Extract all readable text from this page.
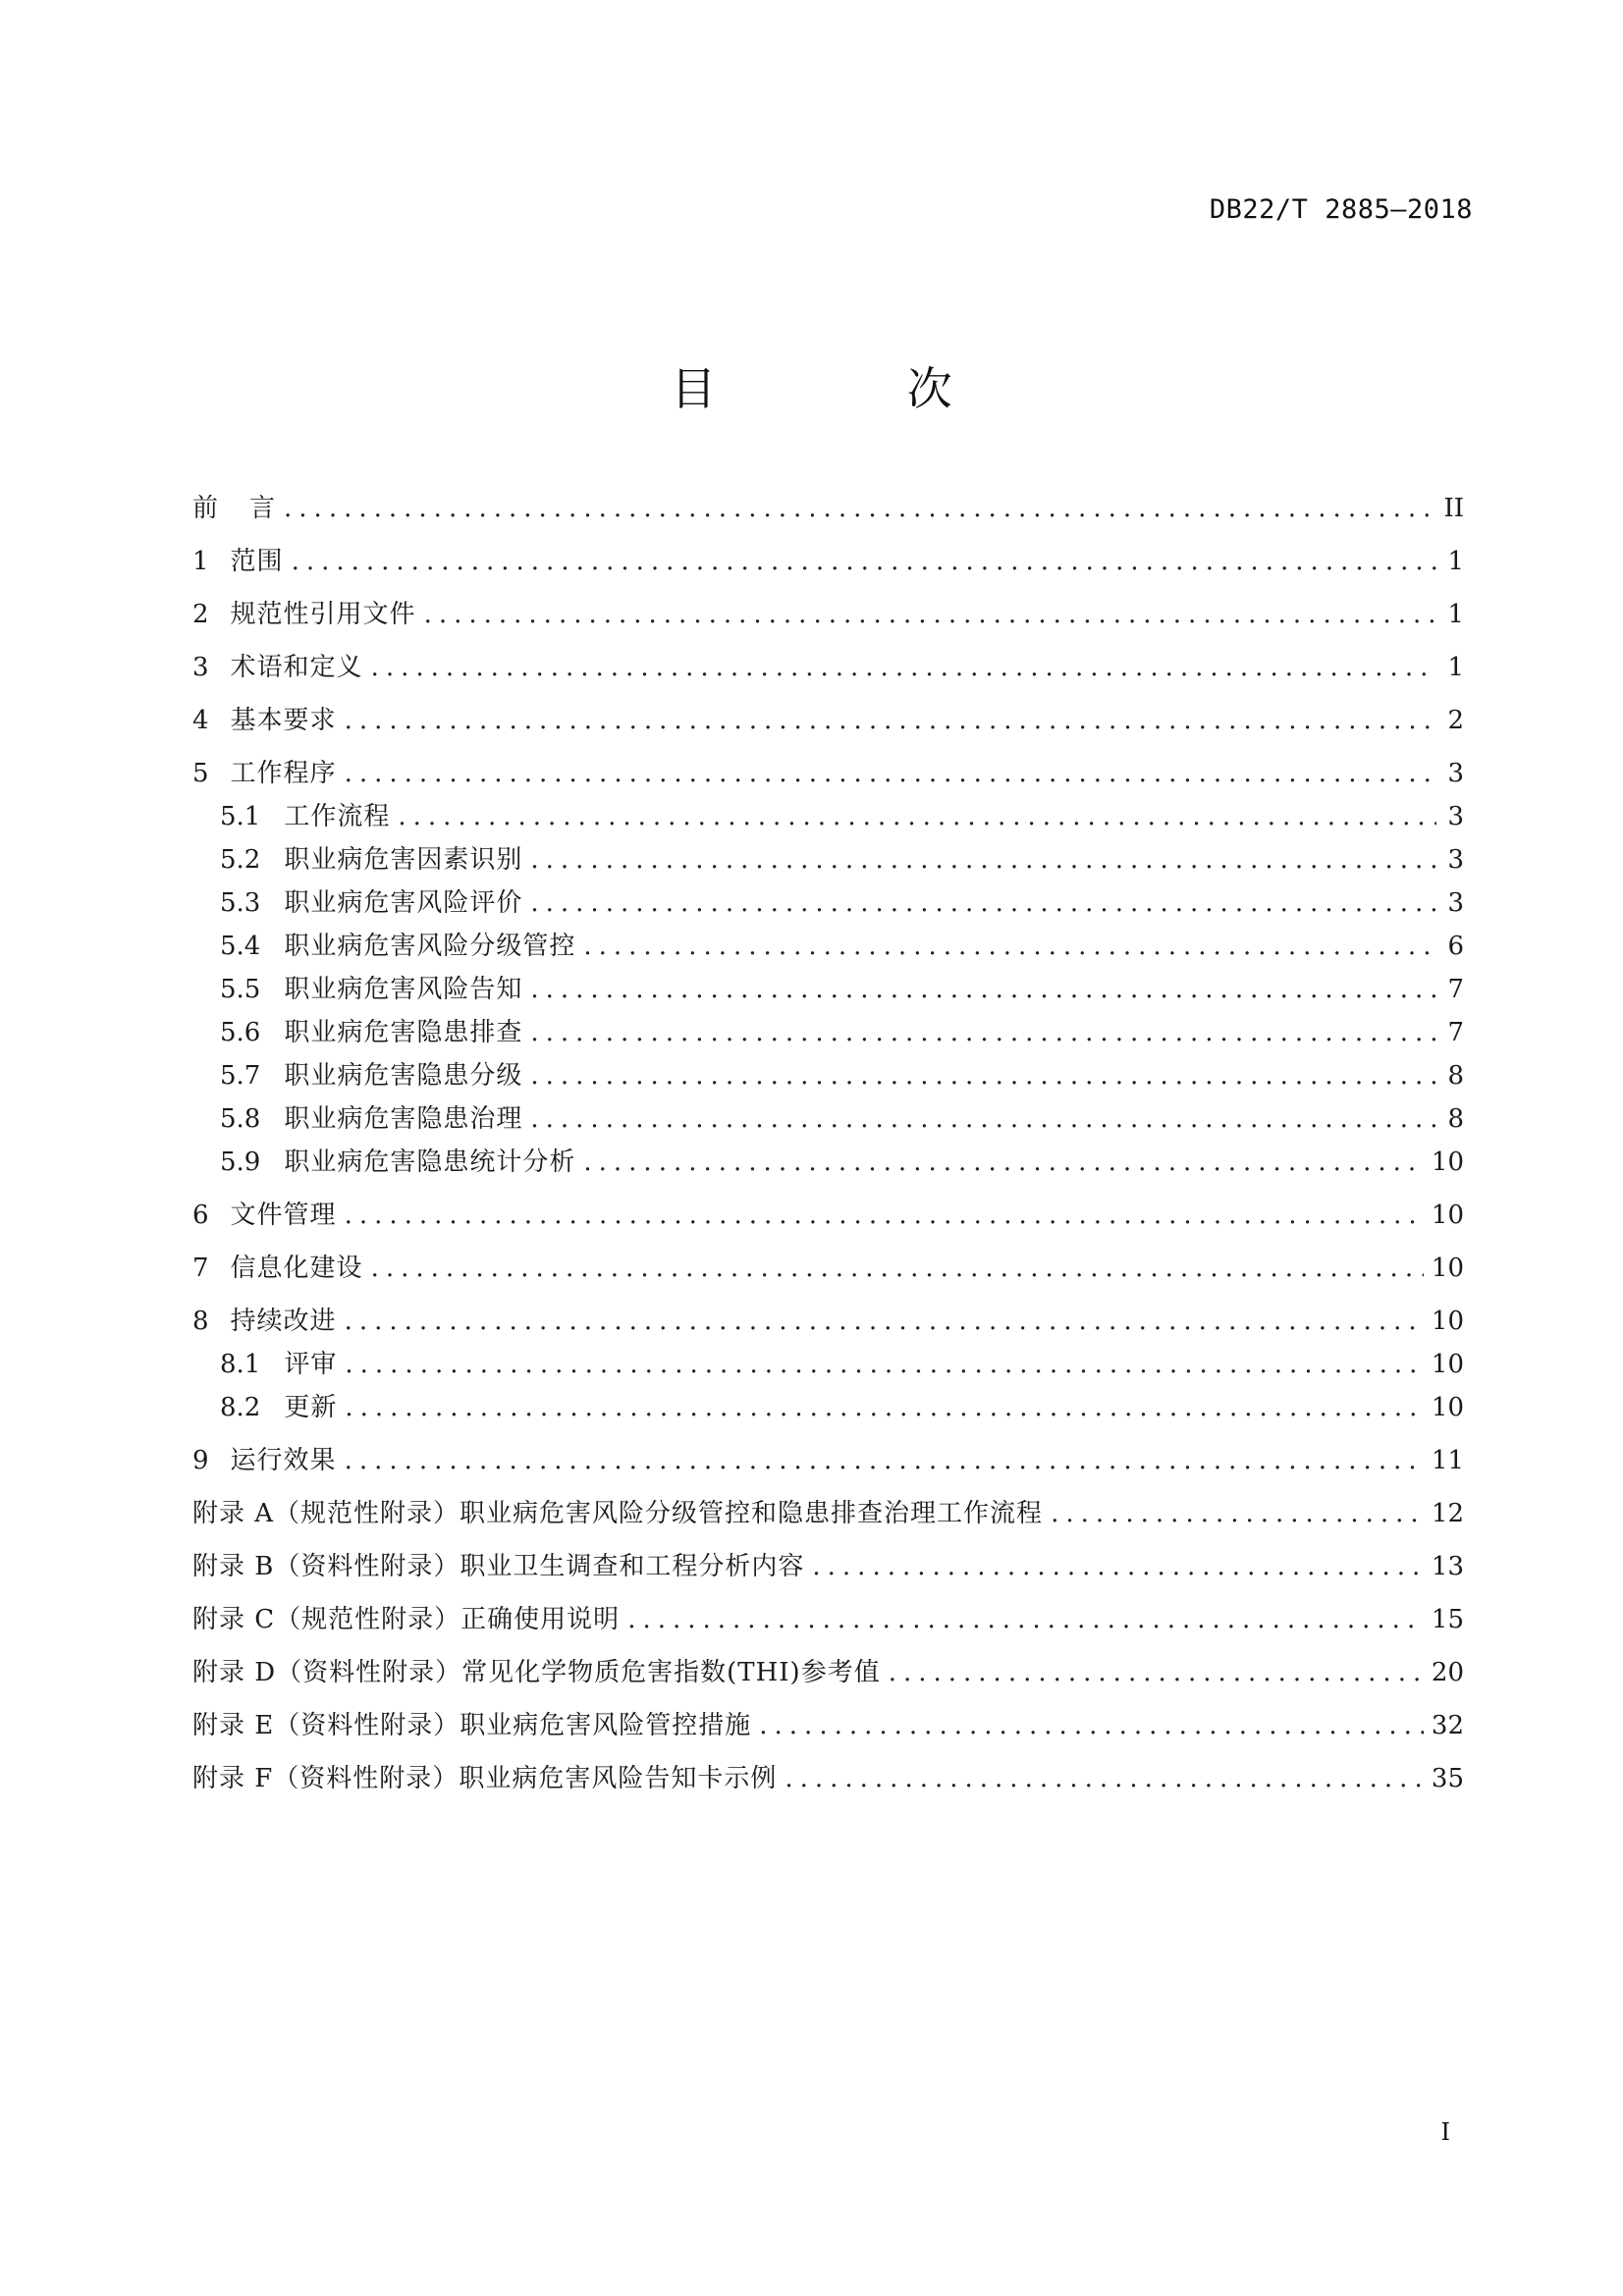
DB22/T 2885—2018
目 次
前 言 .....	II
1 范围 .....	1
2 规范性引用文件 .....	1
3 术语和定义 .....	1
4 基本要求 .....	2
5 工作程序 .....	3
5.1 工作流程 .....	3
5.2 职业病危害因素识别 .....	3
5.3 职业病危害风险评价 .....	3
5.4 职业病危害风险分级管控 .....	6
5.5 职业病危害风险告知 .....	7
5.6 职业病危害隐患排查 .....	7
5.7 职业病危害隐患分级 .....	8
5.8 职业病危害隐患治理 .....	8
5.9 职业病危害隐患统计分析 .....	10
6 文件管理 .....	10
7 信息化建设 .....	10
8 持续改进 .....	10
8.1 评审 .....	10
8.2 更新 .....	10
9 运行效果 .....	11
附录 A（规范性附录） 职业病危害风险分级管控和隐患排查治理工作流程 .....	12
附录 B（资料性附录） 职业卫生调查和工程分析内容 .....	13
附录 C（规范性附录） 正确使用说明 .....	15
附录 D（资料性附录） 常见化学物质危害指数(THI)参考值 .....	20
附录 E（资料性附录） 职业病危害风险管控措施 .....	32
附录 F（资料性附录） 职业病危害风险告知卡示例 .....	35
I
